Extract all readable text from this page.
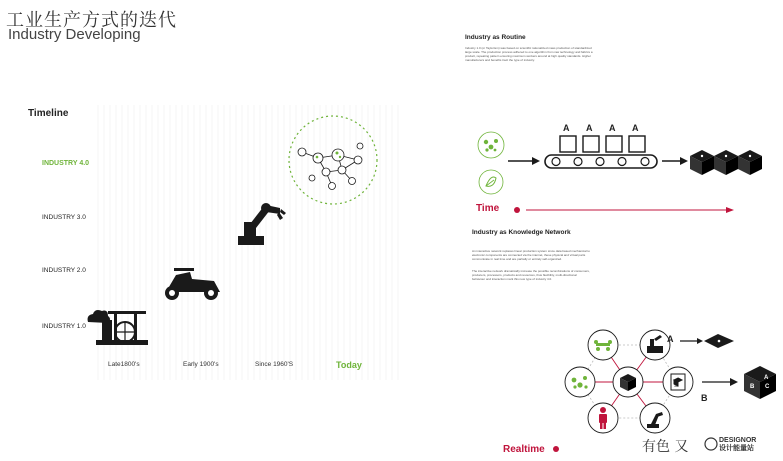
工业生产方式的迭代
Industry Developing
Timeline
INDUSTRY 4.0
INDUSTRY 3.0
INDUSTRY 2.0
INDUSTRY 1.0
Late1800's	Early 1900's	Since 1960'S	Today
Industry as Routine
Industry 1.0 (or Taylorism) was based on scientific rationalized mass production of standardized large scale. The production process adhered to one algorithm from raw technology and fabrics a product, repeating pattern ensuring maximum workers around at high quality standards. Higher manufacturers and benefits tract the type of industry.
A A A A
Time
Industry as Knowledge Network
An interactive network replaces linear production system since data based mechanical to electronic components are connected via the internet, these physical and virtual parts communicate in real time and are partially or entirely self-organized.
The interactive network dramatically increase the possible recombinations of consumers, producers, processors, products and resources, thus flexibility, multi-directional behaviour and interaction mark this new type of industry 4.0.
A
B
3D
A
B C
Realtime	有色 又	DESIGNOR
设计能量站
